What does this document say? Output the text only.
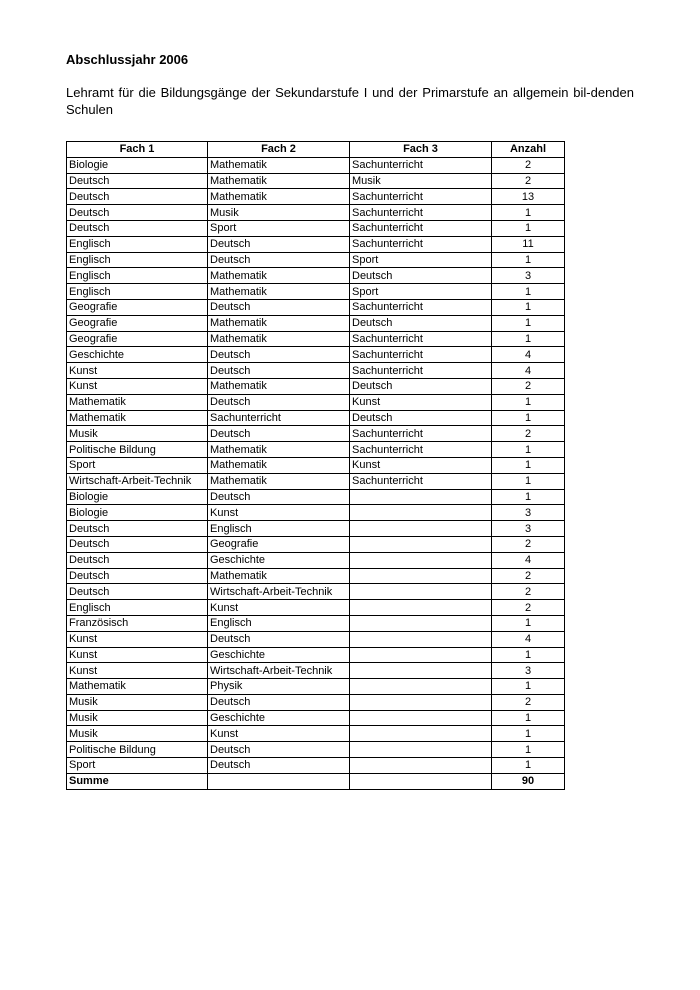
Abschlussjahr 2006

Lehramt für die Bildungsgänge der Sekundarstufe I und der Primarstufe an allgemein bil-denden Schulen

Fach 1	Fach 2	Fach 3	Anzahl
Biologie	Mathematik	Sachunterricht	2
Deutsch	Mathematik	Musik	2
Deutsch	Mathematik	Sachunterricht	13
Deutsch	Musik	Sachunterricht	1
Deutsch	Sport	Sachunterricht	1
Englisch	Deutsch	Sachunterricht	11
Englisch	Deutsch	Sport	1
Englisch	Mathematik	Deutsch	3
Englisch	Mathematik	Sport	1
Geografie	Deutsch	Sachunterricht	1
Geografie	Mathematik	Deutsch	1
Geografie	Mathematik	Sachunterricht	1
Geschichte	Deutsch	Sachunterricht	4
Kunst	Deutsch	Sachunterricht	4
Kunst	Mathematik	Deutsch	2
Mathematik	Deutsch	Kunst	1
Mathematik	Sachunterricht	Deutsch	1
Musik	Deutsch	Sachunterricht	2
Politische Bildung	Mathematik	Sachunterricht	1
Sport	Mathematik	Kunst	1
Wirtschaft-Arbeit-Technik	Mathematik	Sachunterricht	1
Biologie	Deutsch		1
Biologie	Kunst		3
Deutsch	Englisch		3
Deutsch	Geografie		2
Deutsch	Geschichte		4
Deutsch	Mathematik		2
Deutsch	Wirtschaft-Arbeit-Technik		2
Englisch	Kunst		2
Französisch	Englisch		1
Kunst	Deutsch		4
Kunst	Geschichte		1
Kunst	Wirtschaft-Arbeit-Technik		3
Mathematik	Physik		1
Musik	Deutsch		2
Musik	Geschichte		1
Musik	Kunst		1
Politische Bildung	Deutsch		1
Sport	Deutsch		1
Summe			90
